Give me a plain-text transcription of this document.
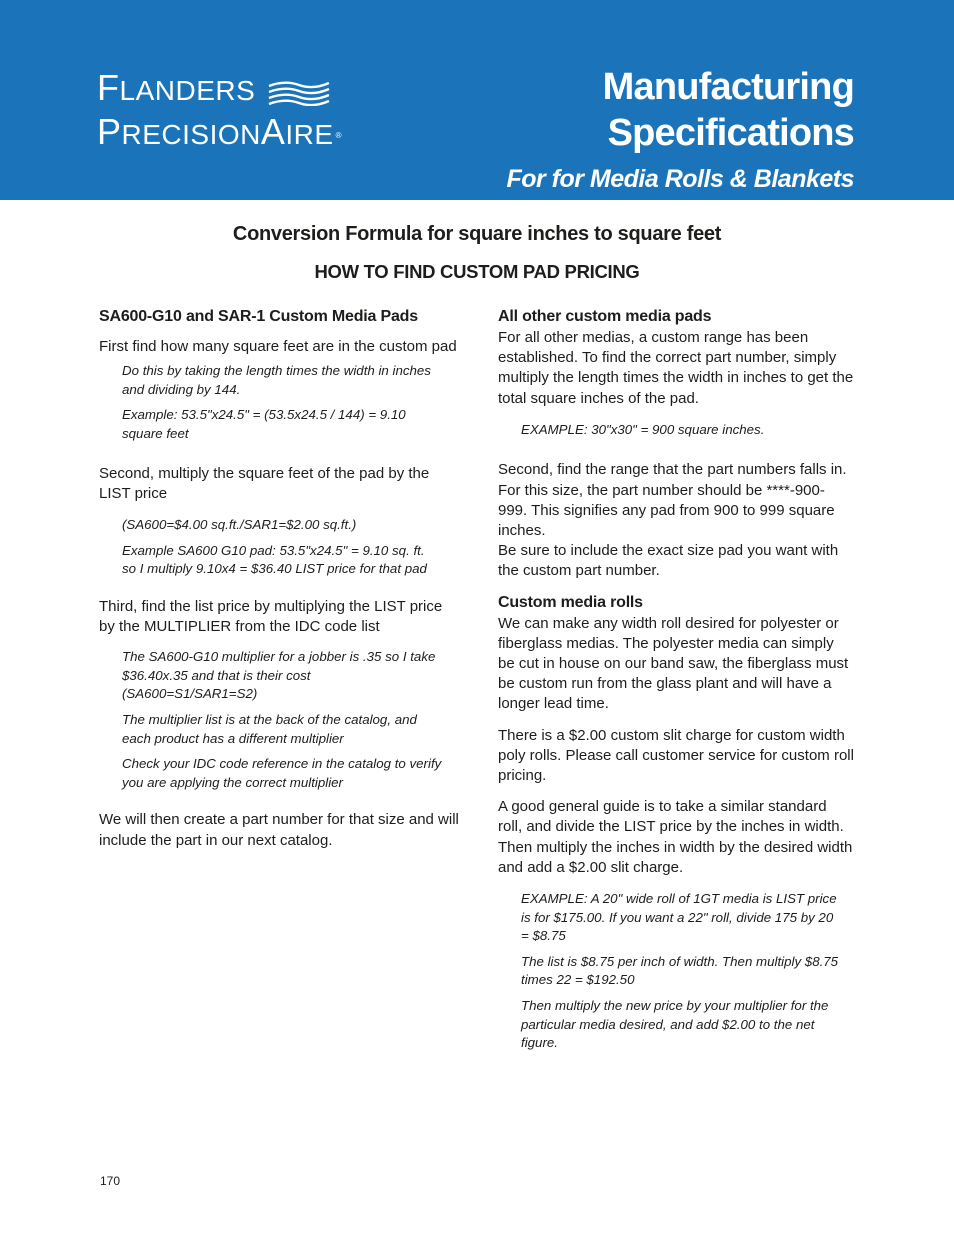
FLANDERS
PRECISIONAIRE ®
Manufacturing
Specifications
For for Media Rolls & Blankets
Conversion Formula for square inches to square feet
HOW TO FIND CUSTOM PAD PRICING
SA600-G10 and SAR-1 Custom Media Pads

First find how many square feet are in the custom pad

Do this by taking the length times the width in inches and dividing by 144.

Example: 53.5"x24.5" = (53.5x24.5 / 144) = 9.10 square feet

Second, multiply the square feet of the pad by the LIST price

(SA600=$4.00 sq.ft./SAR1=$2.00 sq.ft.)

Example SA600 G10 pad: 53.5"x24.5" = 9.10 sq. ft. so I multiply 9.10x4 = $36.40 LIST price for that pad

Third, find the list price by multiplying the LIST price by the MULTIPLIER from the IDC code list

The SA600-G10 multiplier for a jobber is .35 so I take $36.40x.35 and that is their cost (SA600=S1/SAR1=S2)

The multiplier list is at the back of the catalog, and each product has a different multiplier

Check your IDC code reference in the catalog to verify you are applying the correct multiplier

We will then create a part number for that size and will include the part in our next catalog.

All other custom media pads

For all other medias, a custom range has been established. To find the correct part number, simply multiply the length times the width in inches to get the total square inches of the pad.

EXAMPLE: 30"x30" = 900 square inches.

Second, find the range that the part numbers falls in. For this size, the part number should be ****-900-999. This signifies any pad from 900 to 999 square inches.

Be sure to include the exact size pad you want with the custom part number.

Custom media rolls

We can make any width roll desired for polyester or fiberglass medias. The polyester media can simply be cut in house on our band saw, the fiberglass must be custom run from the glass plant and will have a longer lead time.

There is a $2.00 custom slit charge for custom width poly rolls. Please call customer service for custom roll pricing.

A good general guide is to take a similar standard roll, and divide the LIST price by the inches in width. Then multiply the inches in width by the desired width and add a $2.00 slit charge.

EXAMPLE: A 20" wide roll of 1GT media is LIST price is for $175.00. If you want a 22" roll, divide 175 by 20 = $8.75

The list is $8.75 per inch of width. Then multiply $8.75 times 22 = $192.50

Then multiply the new price by your multiplier for the particular media desired, and add $2.00 to the net figure.

170
